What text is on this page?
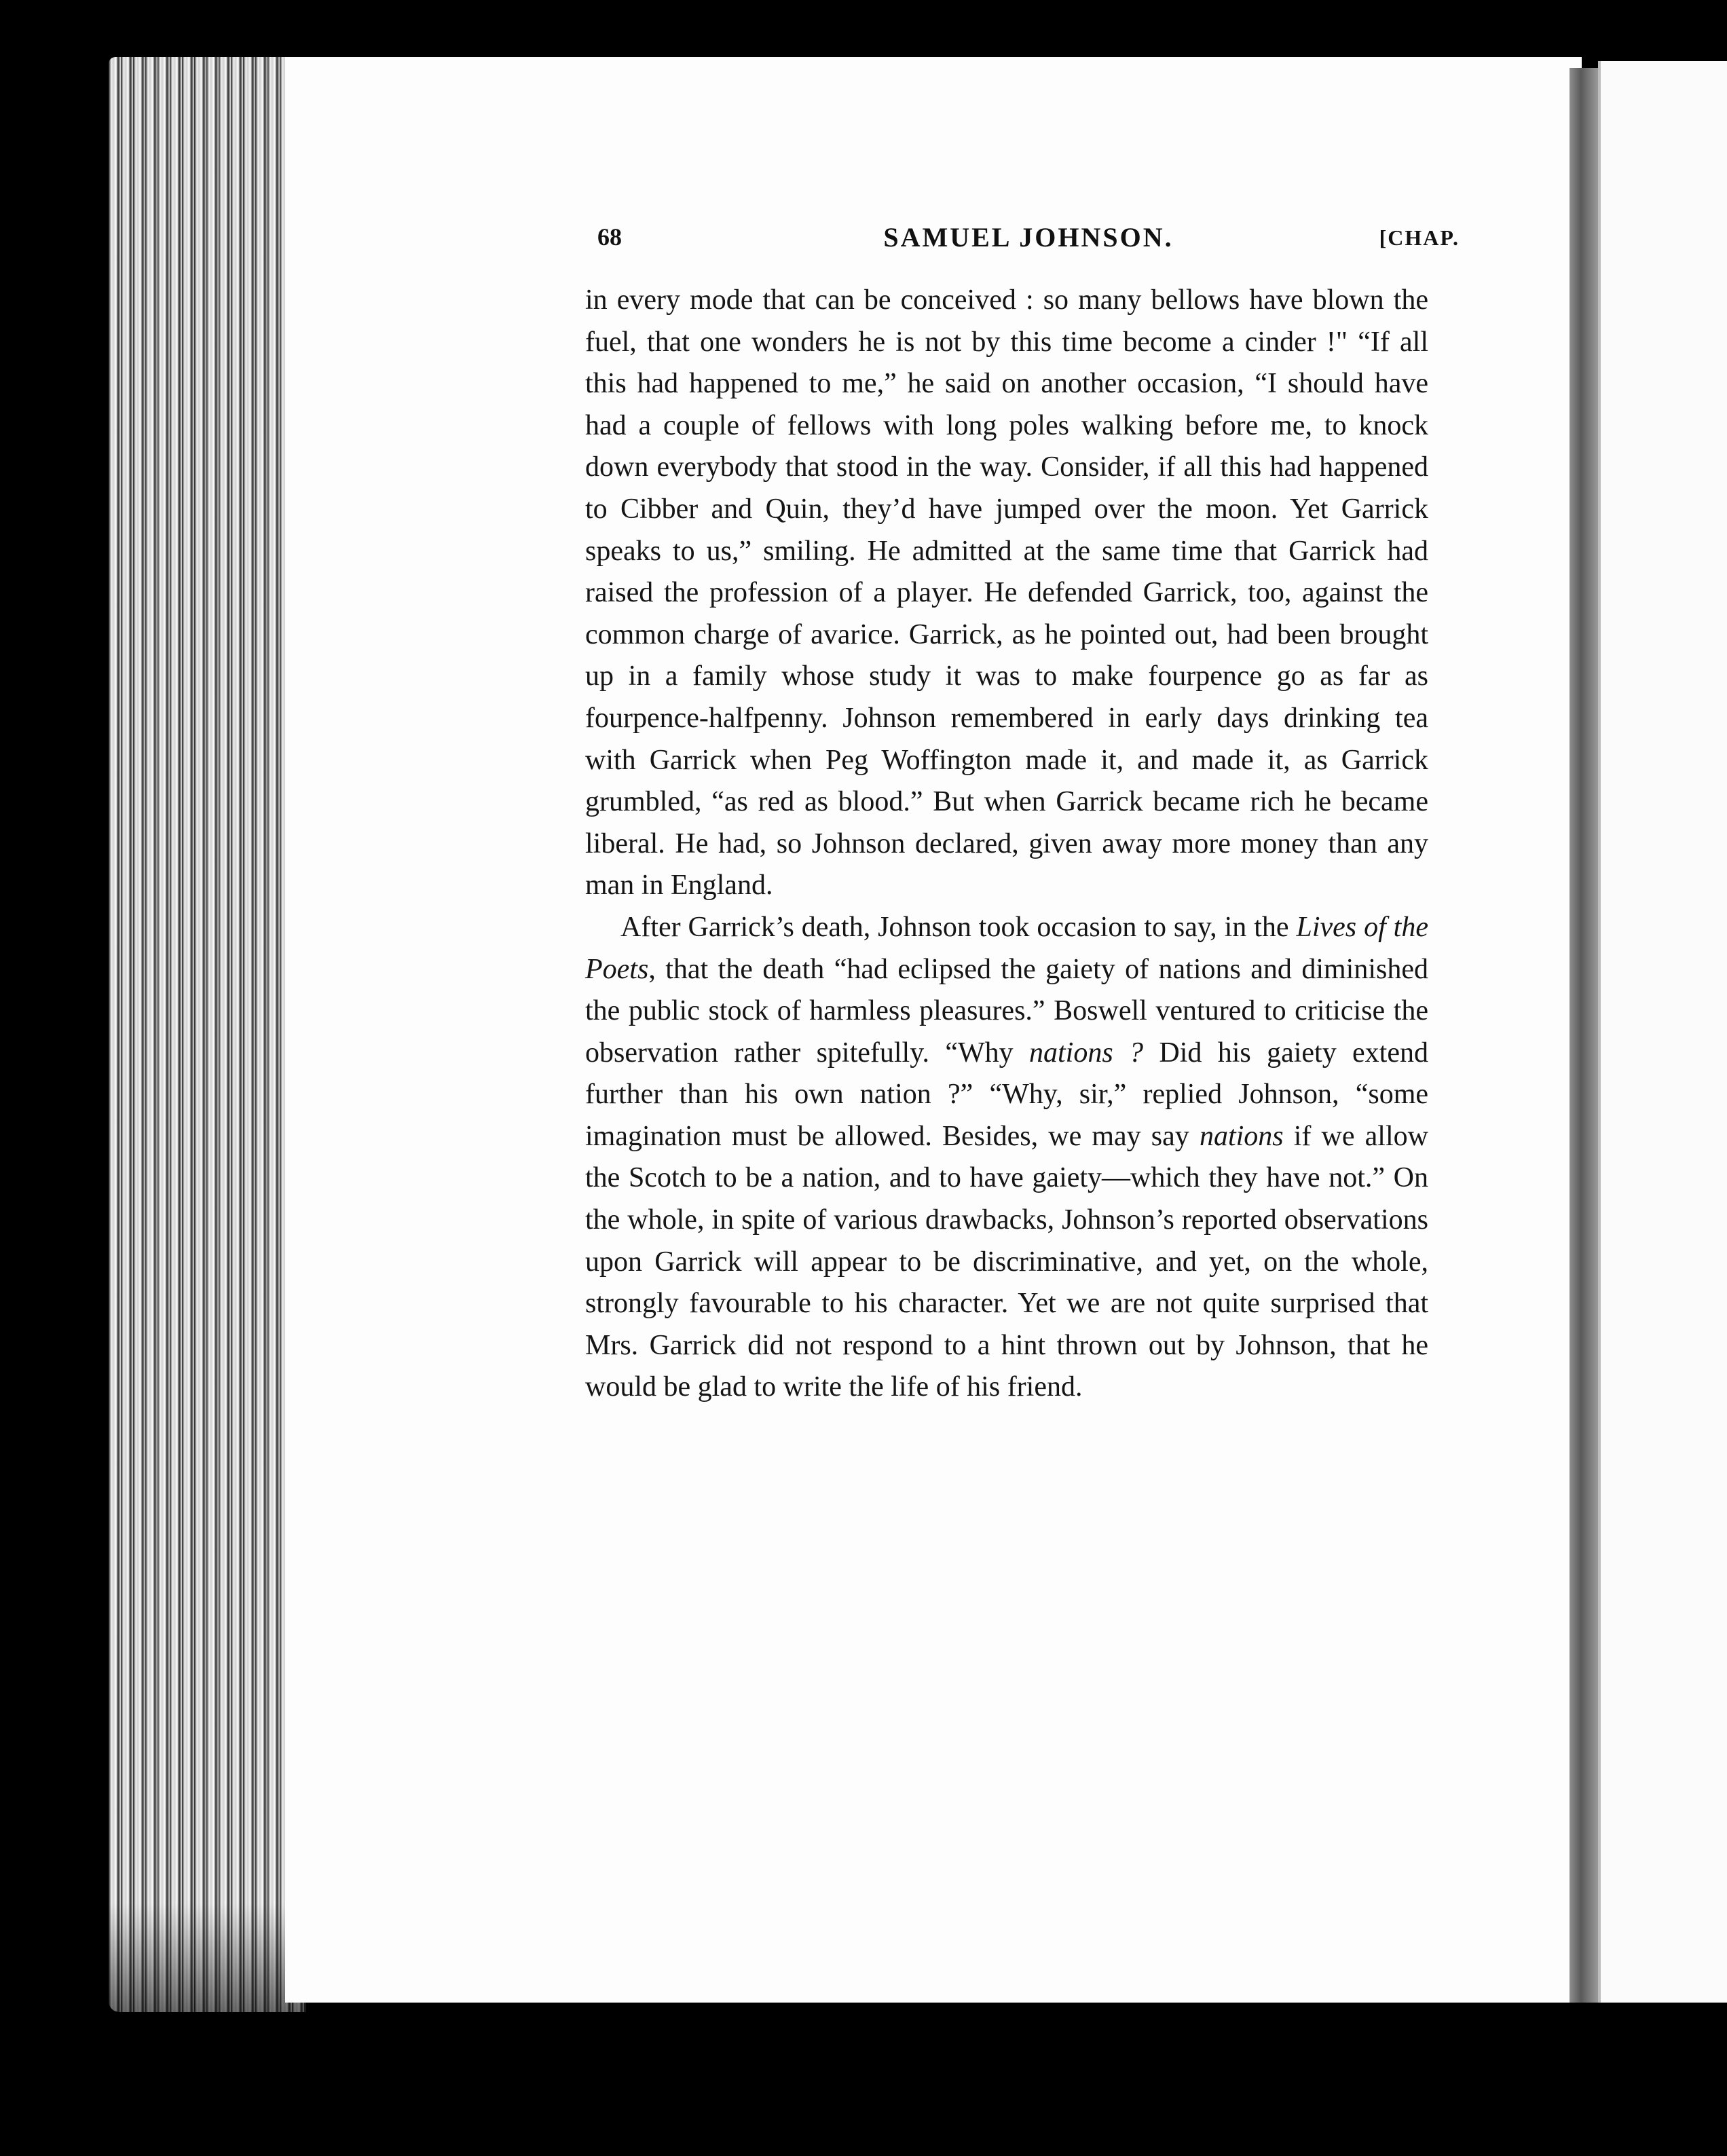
68	SAMUEL JOHNSON.	[CHAP.

in every mode that can be conceived : so many bellows have blown the fuel, that one wonders he is not by this time become a cinder !" “If all this had happened to me,” he said on another occasion, “I should have had a couple of fellows with long poles walking before me, to knock down everybody that stood in the way. Consider, if all this had happened to Cibber and Quin, they’d have jumped over the moon. Yet Garrick speaks to us,” smiling. He admitted at the same time that Garrick had raised the profession of a player. He defended Garrick, too, against the common charge of avarice. Garrick, as he pointed out, had been brought up in a family whose study it was to make fourpence go as far as fourpence-halfpenny. Johnson remembered in early days drinking tea with Garrick when Peg Woffington made it, and made it, as Garrick grumbled, “as red as blood.” But when Garrick became rich he became liberal. He had, so Johnson declared, given away more money than any man in England.

After Garrick’s death, Johnson took occasion to say, in the Lives of the Poets, that the death “had eclipsed the gaiety of nations and diminished the public stock of harmless pleasures.” Boswell ventured to criticise the observation rather spitefully. “Why nations ? Did his gaiety extend further than his own nation ?” “Why, sir,” replied Johnson, “some imagination must be allowed. Besides, we may say nations if we allow the Scotch to be a nation, and to have gaiety—which they have not.” On the whole, in spite of various drawbacks, Johnson’s reported observations upon Garrick will appear to be discriminative, and yet, on the whole, strongly favourable to his character. Yet we are not quite surprised that Mrs. Garrick did not respond to a hint thrown out by Johnson, that he would be glad to write the life of his friend.
